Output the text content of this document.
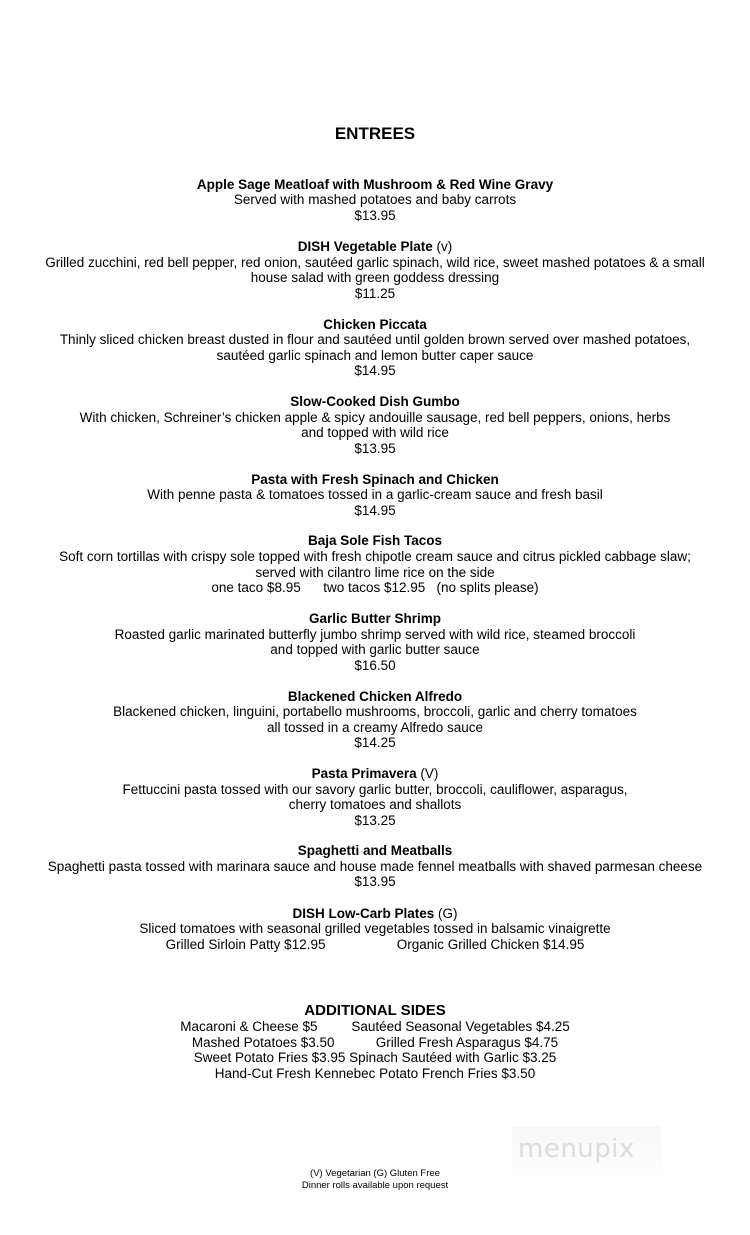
ENTREES
Apple Sage Meatloaf with Mushroom & Red Wine Gravy
Served with mashed potatoes and baby carrots
$13.95
DISH Vegetable Plate (v)
Grilled zucchini, red bell pepper, red onion, sautéed garlic spinach, wild rice, sweet mashed potatoes & a small
house salad with green goddess dressing
$11.25
Chicken Piccata
Thinly sliced chicken breast dusted in flour and sautéed until golden brown served over mashed potatoes,
sautéed garlic spinach and lemon butter caper sauce
$14.95
Slow-Cooked Dish Gumbo
With chicken, Schreiner’s chicken apple & spicy andouille sausage, red bell peppers, onions, herbs
and topped with wild rice
$13.95
Pasta with Fresh Spinach and Chicken
With penne pasta & tomatoes tossed in a garlic-cream sauce and fresh basil
$14.95
Baja Sole Fish Tacos
Soft corn tortillas with crispy sole topped with fresh chipotle cream sauce and citrus pickled cabbage slaw;
served with cilantro lime rice on the side
one taco $8.95      two tacos $12.95   (no splits please)
Garlic Butter Shrimp
Roasted garlic marinated butterfly jumbo shrimp served with wild rice, steamed broccoli
and topped with garlic butter sauce
$16.50
Blackened Chicken Alfredo
Blackened chicken, linguini, portabello mushrooms, broccoli, garlic and cherry tomatoes
all tossed in a creamy Alfredo sauce
$14.25
Pasta Primavera (V)
Fettuccini pasta tossed with our savory garlic butter, broccoli, cauliflower, asparagus,
cherry tomatoes and shallots
$13.25
Spaghetti and Meatballs
Spaghetti pasta tossed with marinara sauce and house made fennel meatballs with shaved parmesan cheese
$13.95
DISH Low-Carb Plates (G)
Sliced tomatoes with seasonal grilled vegetables tossed in balsamic vinaigrette
Grilled Sirloin Patty $12.95                   Organic Grilled Chicken $14.95
ADDITIONAL SIDES
Macaroni & Cheese $5         Sautéed Seasonal Vegetables $4.25
Mashed Potatoes $3.50           Grilled Fresh Asparagus $4.75
Sweet Potato Fries $3.95 Spinach Sautéed with Garlic $3.25
Hand-Cut Fresh Kennebec Potato French Fries $3.50
menupix
(V) Vegetarian (G) Gluten Free
Dinner rolls available upon request
